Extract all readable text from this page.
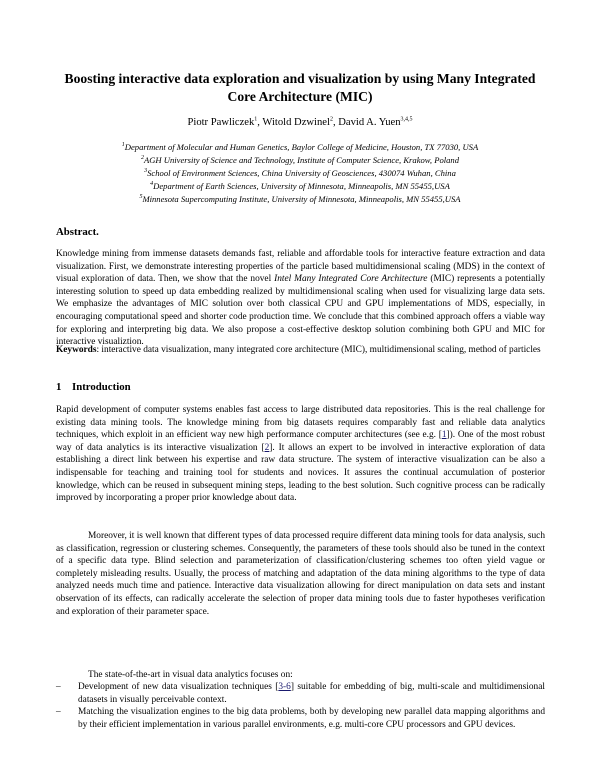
Boosting interactive data exploration and visualization by using Many Integrated Core Architecture (MIC)
Piotr Pawliczek$^1$, Witold Dzwinel$^2$, David A. Yuen$^{3,4,5}$
$^1$Department of Molecular and Human Genetics, Baylor College of Medicine, Houston, TX 77030, USA
$^2$AGH University of Science and Technology, Institute of Computer Science, Krakow, Poland
$^3$School of Environment Sciences, China University of Geosciences, 430074 Wuhan, China
$^4$Department of Earth Sciences, University of Minnesota, Minneapolis, MN 55455,USA
$^5$Minnesota Supercomputing Institute, University of Minnesota, Minneapolis, MN 55455,USA
Abstract.
Knowledge mining from immense datasets demands fast, reliable and affordable tools for interactive feature extraction and data visualization. First, we demonstrate interesting properties of the particle based multidimensional scaling (MDS) in the context of visual exploration of data. Then, we show that the novel Intel Many Integrated Core Architecture (MIC) represents a potentially interesting solution to speed up data embedding realized by multidimensional scaling when used for visualizing large data sets. We emphasize the advantages of MIC solution over both classical CPU and GPU implementations of MDS, especially, in encouraging computational speed and shorter code production time. We conclude that this combined approach offers a viable way for exploring and interpreting big data. We also propose a cost-effective desktop solution combining both GPU and MIC for interactive visualiztion.
Keywords: interactive data visualization, many integrated core architecture (MIC), multidimensional scaling, method of particles
1 Introduction
Rapid development of computer systems enables fast access to large distributed data repositories. This is the real challenge for existing data mining tools. The knowledge mining from big datasets requires comparably fast and reliable data analytics techniques, which exploit in an efficient way new high performance computer architectures (see e.g. [1]). One of the most robust way of data analytics is its interactive visualization [2]. It allows an expert to be involved in interactive exploration of data establishing a direct link between his expertise and raw data structure. The system of interactive visualization can be also a indispensable for teaching and training tool for students and novices. It assures the continual accumulation of posterior knowledge, which can be reused in subsequent mining steps, leading to the best solution. Such cognitive process can be radically improved by incorporating a proper prior knowledge about data.
Moreover, it is well known that different types of data processed require different data mining tools for data analysis, such as classification, regression or clustering schemes. Consequently, the parameters of these tools should also be tuned in the context of a specific data type. Blind selection and parameterization of classification/clustering schemes too often yield vague or completely misleading results. Usually, the process of matching and adaptation of the data mining algorithms to the type of data analyzed needs much time and patience. Interactive data visualization allowing for direct manipulation on data sets and instant observation of its effects, can radically accelerate the selection of proper data mining tools due to faster hypotheses verification and exploration of their parameter space.
The state-of-the-art in visual data analytics focuses on:
– Development of new data visualization techniques [3-6] suitable for embedding of big, multi-scale and multidimensional datasets in visually perceivable context.
– Matching the visualization engines to the big data problems, both by developing new parallel data mapping algorithms and by their efficient implementation in various parallel environments, e.g. multi-core CPU processors and GPU devices.
